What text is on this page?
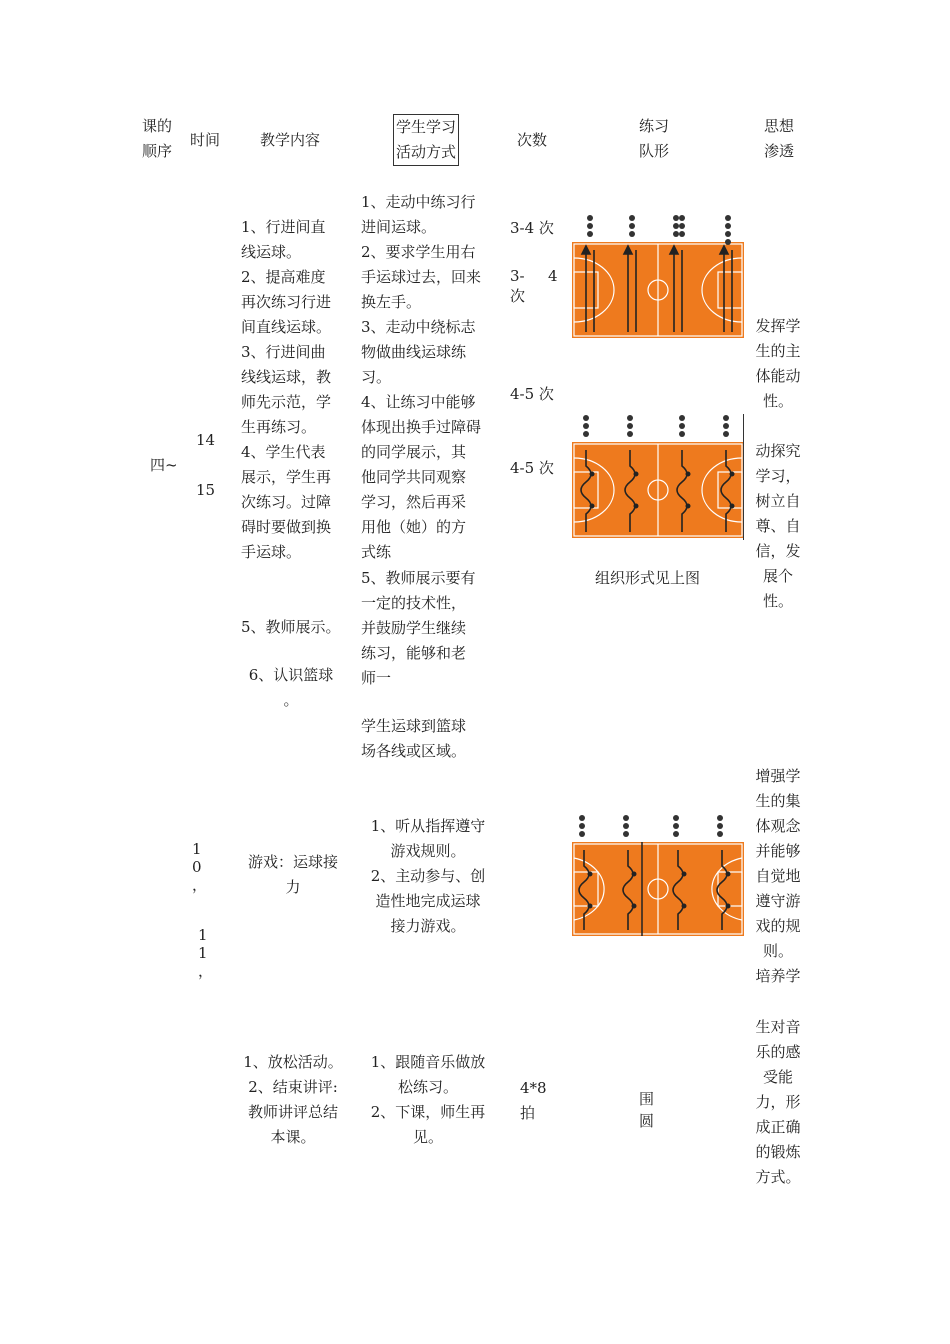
课的
顺序
时间	教学内容
学生学习
活动方式
次数
练习
队形
思想
渗透
四~
14
15
1、行进间直
线运球。
2、提高难度
再次练习行进
间直线运球。
3、行进间曲
线线运球，教
师先示范，学
生再练习。
4、学生代表
展示，学生再
次练习。过障
碍时要做到换
手运球。
5、教师展示。
6、认识篮球
。
1、走动中练习行
进间运球。
2、要求学生用右
手运球过去，回来
换左手。
3、走动中绕标志
物做曲线运球练
习。
4、让练习中能够
体现出换手过障碍
的同学展示，其
他同学共同观察
学习，然后再采
用他（她）的方
式练
5、教师展示要有
一定的技术性，
并鼓励学生继续
练习，能够和老
师一
学生运球到篮球
场各线或区域。
3-4 次
3- 4
次
4-5 次
4-5 次
组织形式见上图
发挥学
生的主
体能动
性。

动探究
学习，
树立自
尊、自
信，发
展个
性。
1
0
，
1
1
，
游戏：运球接
力
1、听从指挥遵守
游戏规则。
2、主动参与、创
造性地完成运球
接力游戏。
增强学
生的集
体观念
并能够
自觉地
遵守游
戏的规
则。
培养学
1、放松活动。
2、结束讲评:
教师讲评总结
本课。
1、跟随音乐做放
松练习。
2、下课，师生再
见。
4*8
拍
围
圆
生对音
乐的感
受能
力，形
成正确
的锻炼
方式。
